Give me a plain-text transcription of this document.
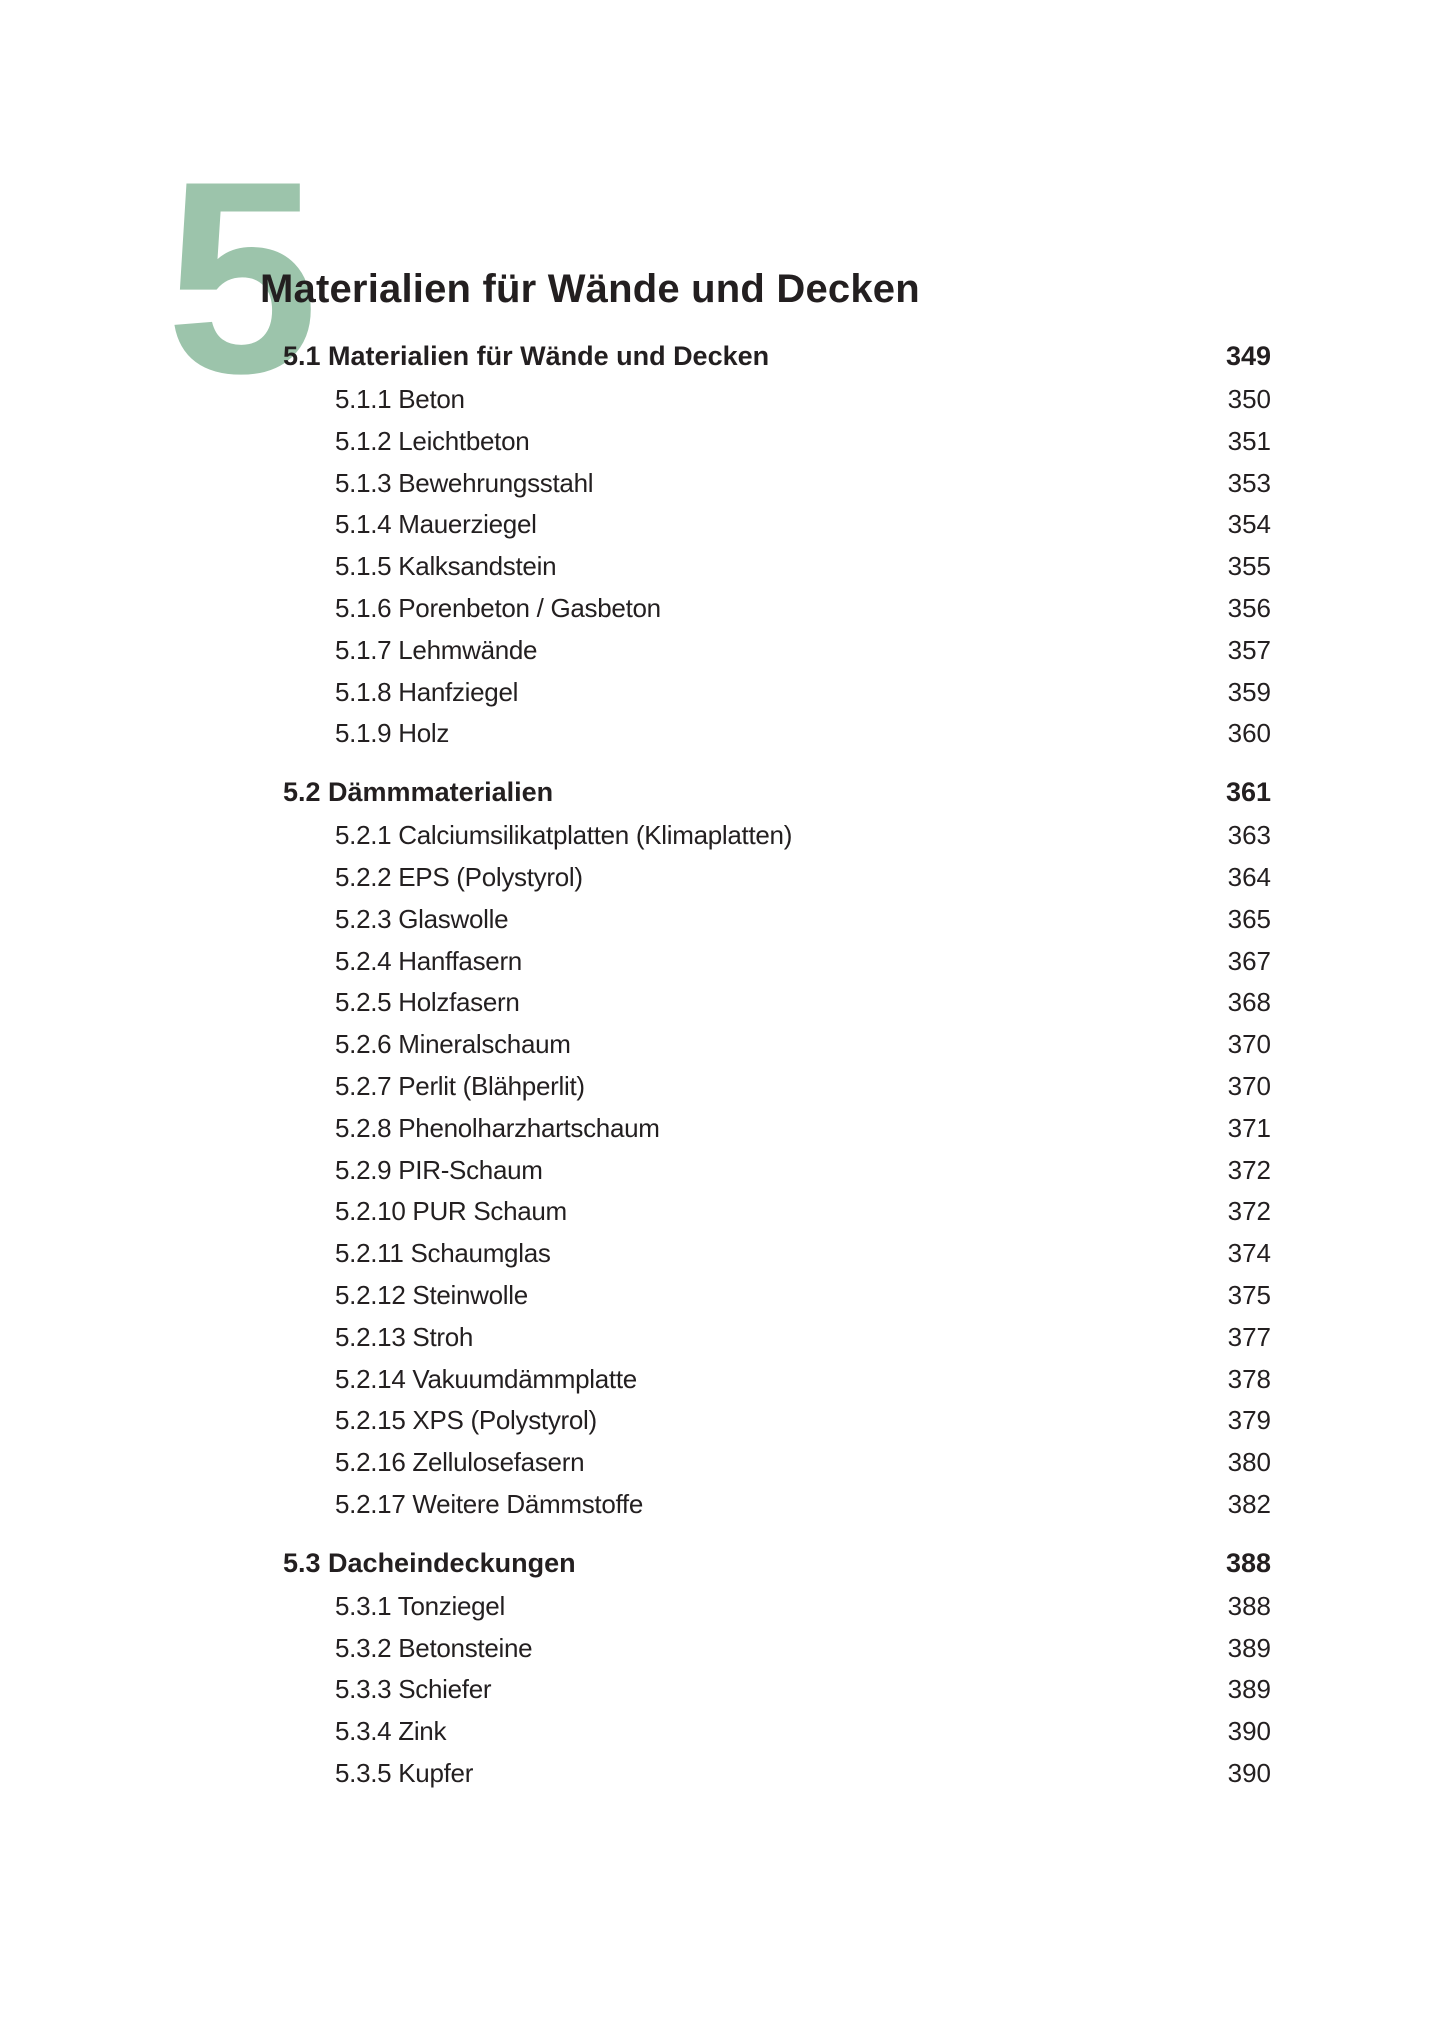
5
Materialien für Wände und Decken
5.1 Materialien für Wände und Decken	349
5.1.1 Beton	350
5.1.2 Leichtbeton	351
5.1.3 Bewehrungsstahl	353
5.1.4 Mauerziegel	354
5.1.5 Kalksandstein	355
5.1.6 Porenbeton / Gasbeton	356
5.1.7 Lehmwände	357
5.1.8 Hanfziegel	359
5.1.9 Holz	360
5.2 Dämmmaterialien	361
5.2.1 Calciumsilikatplatten (Klimaplatten)	363
5.2.2 EPS (Polystyrol)	364
5.2.3 Glaswolle	365
5.2.4 Hanffasern	367
5.2.5 Holzfasern	368
5.2.6 Mineralschaum	370
5.2.7 Perlit (Blähperlit)	370
5.2.8 Phenolharzhartschaum	371
5.2.9 PIR-Schaum	372
5.2.10 PUR Schaum	372
5.2.11 Schaumglas	374
5.2.12 Steinwolle	375
5.2.13 Stroh	377
5.2.14 Vakuumdämmplatte	378
5.2.15 XPS (Polystyrol)	379
5.2.16 Zellulosefasern	380
5.2.17 Weitere Dämmstoffe	382
5.3 Dacheindeckungen	388
5.3.1 Tonziegel	388
5.3.2 Betonsteine	389
5.3.3 Schiefer	389
5.3.4 Zink	390
5.3.5 Kupfer	390
